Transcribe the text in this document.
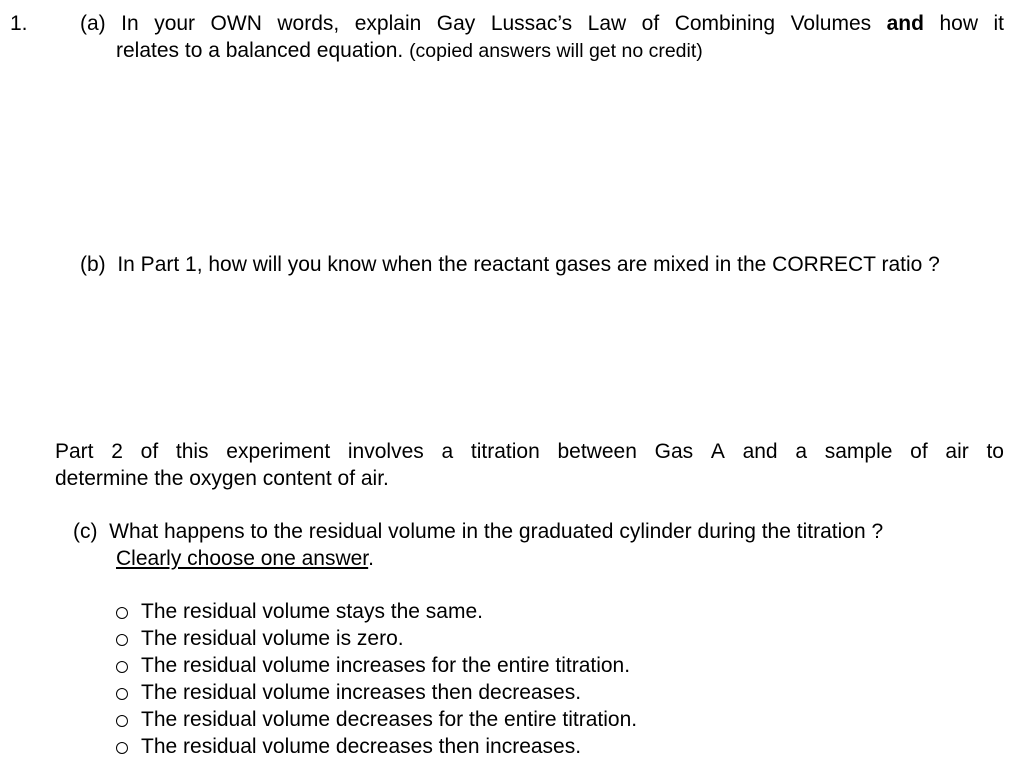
1. (a) In your OWN words, explain Gay Lussac’s Law of Combining Volumes and how it
relates to a balanced equation. (copied answers will get no credit)
(b)  In Part 1, how will you know when the reactant gases are mixed in the CORRECT ratio ?
Part 2 of this experiment involves a titration between Gas A and a sample of air to
determine the oxygen content of air.
(c)  What happens to the residual volume in the graduated cylinder during the titration ?
Clearly choose one answer.
The residual volume stays the same.
The residual volume is zero.
The residual volume increases for the entire titration.
The residual volume increases then decreases.
The residual volume decreases for the entire titration.
The residual volume decreases then increases.
